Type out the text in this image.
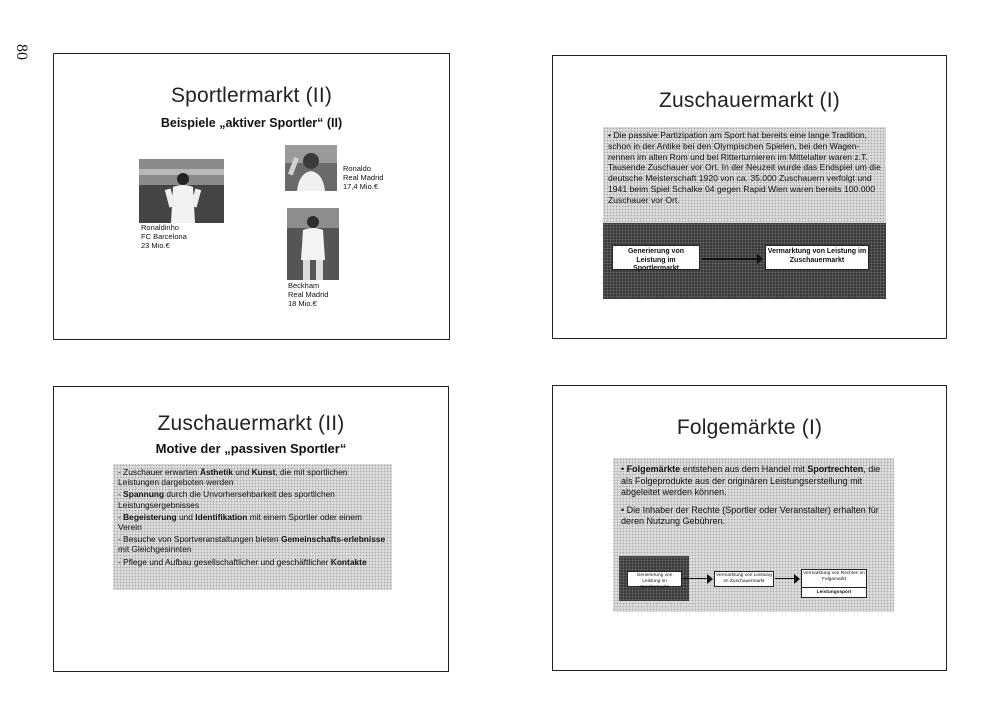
80
Sportlermarkt (II)
Beispiele „aktiver Sportler“ (II)
Ronaldinho
FC Barcelona
23 Mio.€
Ronaldo
Real Madrid
17,4 Mio.€
Beckham
Real Madrid
18 Mio.€
Zuschauermarkt (I)
• Die passive Partizipation am Sport hat bereits eine lange Tradition, schon in der Antike bei den Olympischen Spielen, bei den Wagen-rennen im alten Rom und bei Ritterturnieren im Mittelalter waren z.T. Tausende Zuschauer vor Ort. In der Neuzeit wurde das Endspiel um die deutsche Meisterschaft 1920 von ca. 35.000 Zuschauern verfolgt und 1941 beim Spiel Schalke 04 gegen Rapid Wien waren bereits 100.000 Zuschauer vor Ort.
Generierung von Leistung im Sportlermarkt
Vermarktung von Leistung im Zuschauermarkt
Zuschauermarkt (II)
Motive der „passiven Sportler“
- Zuschauer erwarten Ästhetik und Kunst, die mit sportlichen Leistungen dargeboten werden
- Spannung durch die Unvorhersehbarkeit des sportlichen Leistungsergebnisses
- Begeisterung und Identifikation mit einem Sportler oder einem Verein
- Besuche von Sportveranstaltungen bieten Gemeinschafts-erlebnisse mit Gleichgesinnten
- Pflege und Aufbau gesellschaftlicher und geschäftlicher Kontakte
Folgemärkte (I)
• Folgemärkte entstehen aus dem Handel mit Sportrechten, die als Folgeprodukte aus der originären Leistungserstellung mit abgeleitet werden können.
• Die Inhaber der Rechte (Sportler oder Veranstalter) erhalten für deren Nutzung Gebühren.
Generierung von Leistung im Sportlermarkt
Vermarktung von Leistung im Zuschauermarkt
Vermarktung von Rechten im Folgemarkt
Leistungssport
